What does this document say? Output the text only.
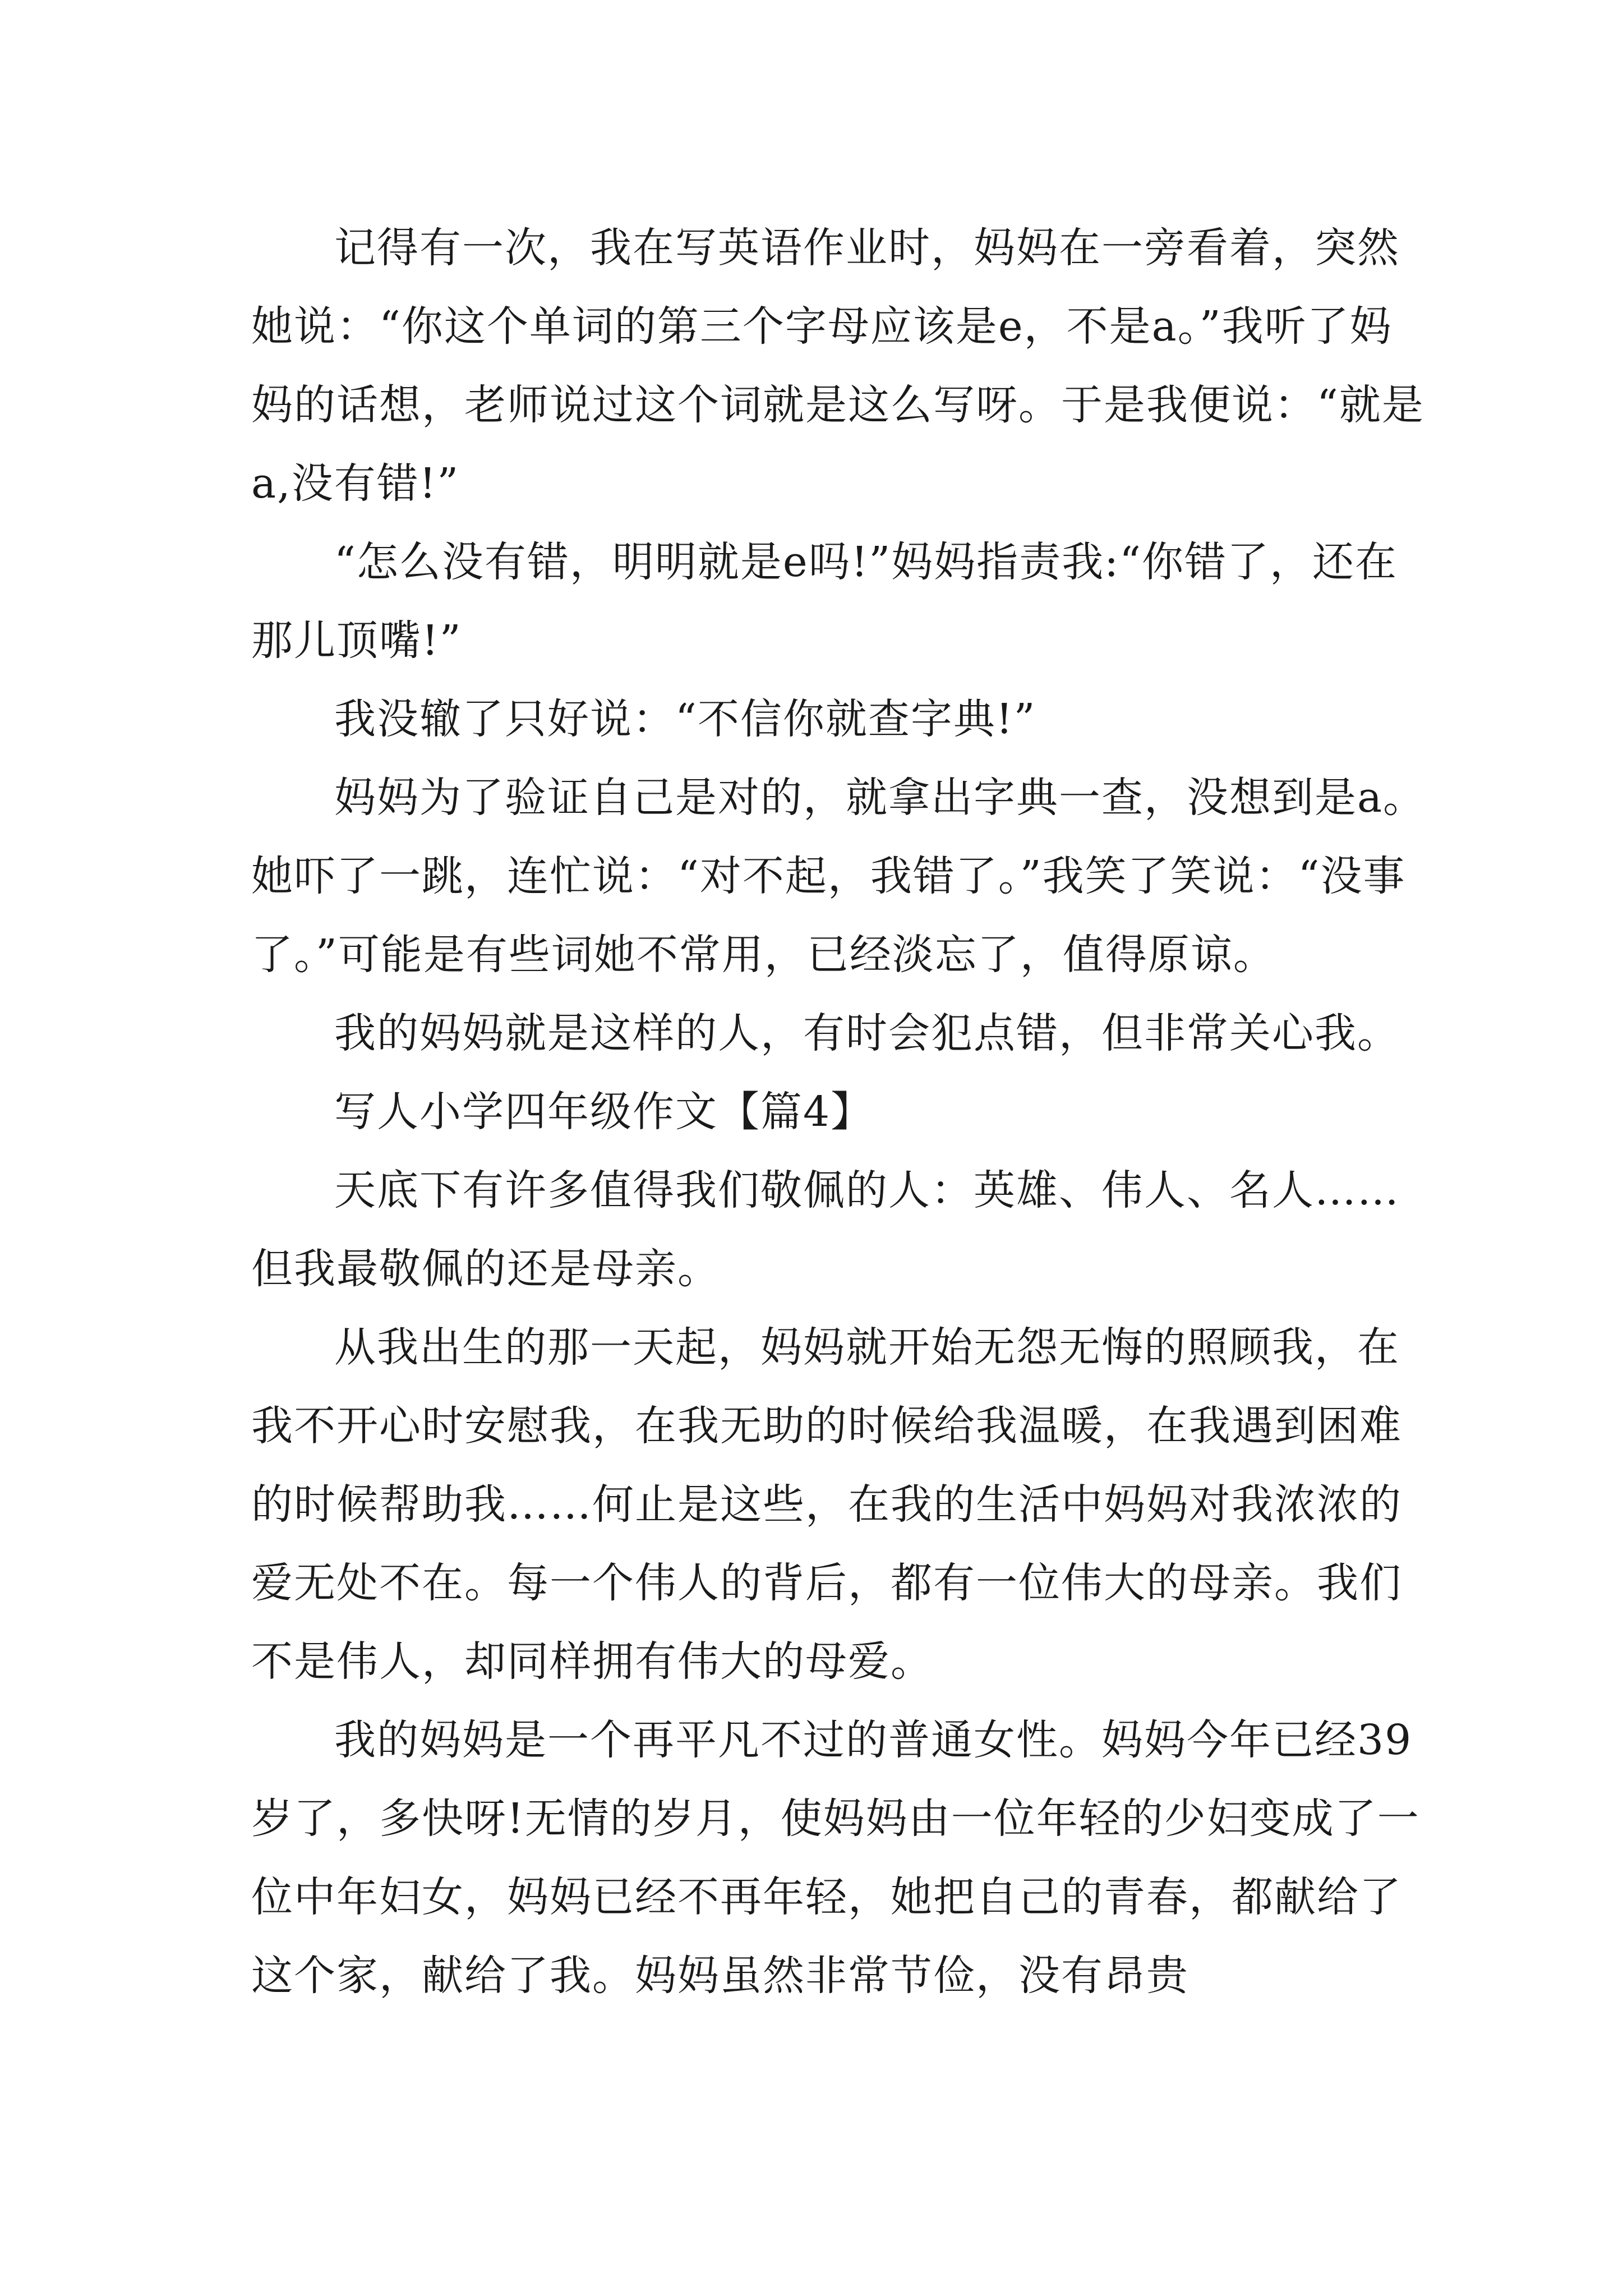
记得有一次，我在写英语作业时，妈妈在一旁看着，突然她说：“你这个单词的第三个字母应该是e，不是a。”我听了妈妈的话想，老师说过这个词就是这么写呀。于是我便说：“就是a,没有错!”

“怎么没有错，明明就是e吗!”妈妈指责我:“你错了，还在那儿顶嘴!”

我没辙了只好说：“不信你就查字典!”

妈妈为了验证自己是对的，就拿出字典一查，没想到是a。她吓了一跳，连忙说：“对不起，我错了。”我笑了笑说：“没事了。”可能是有些词她不常用，已经淡忘了，值得原谅。

我的妈妈就是这样的人，有时会犯点错，但非常关心我。

写人小学四年级作文【篇4】

天底下有许多值得我们敬佩的人：英雄、伟人、名人……但我最敬佩的还是母亲。

从我出生的那一天起，妈妈就开始无怨无悔的照顾我，在我不开心时安慰我，在我无助的时候给我温暖，在我遇到困难的时候帮助我……何止是这些，在我的生活中妈妈对我浓浓的爱无处不在。每一个伟人的背后，都有一位伟大的母亲。我们不是伟人，却同样拥有伟大的母爱。

我的妈妈是一个再平凡不过的普通女性。妈妈今年已经39岁了，多快呀!无情的岁月，使妈妈由一位年轻的少妇变成了一位中年妇女，妈妈已经不再年轻，她把自己的青春，都献给了这个家，献给了我。妈妈虽然非常节俭，没有昂贵
